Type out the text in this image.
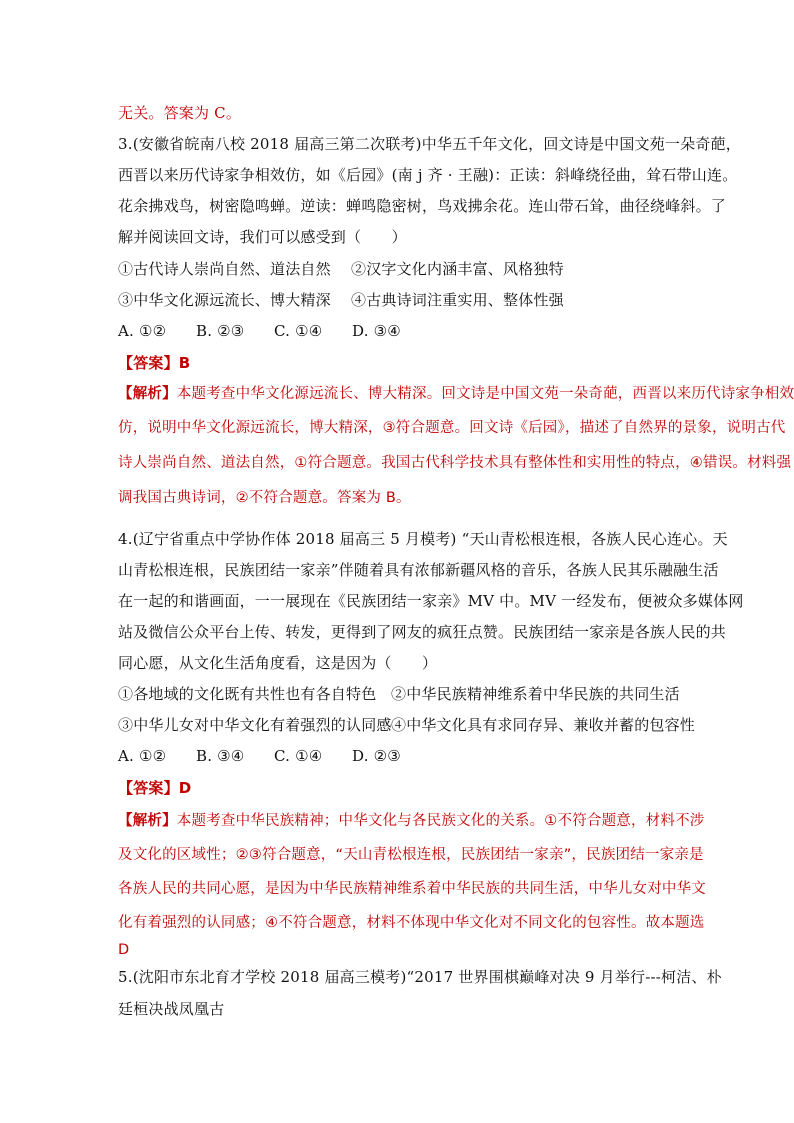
无关。答案为 C。
3.(安徽省皖南八校 2018 届高三第二次联考)中华五千年文化，回文诗是中国文苑一朵奇葩，
西晋以来历代诗家争相效仿，如《后园》(南 j 齐 · 王融)：正读：斜峰绕径曲，耸石带山连。
花余拂戏鸟，树密隐鸣蝉。逆读：蝉鸣隐密树，鸟戏拂余花。连山带石耸，曲径绕峰斜。了
解并阅读回文诗，我们可以感受到（　　）
①古代诗人崇尚自然、道法自然 ②汉字文化内涵丰富、风格独特
③中华文化源远流长、博大精深 ④古典诗词注重实用、整体性强
A. ①② B. ②③ C. ①④ D. ③④
【答案】B
【解析】本题考查中华文化源远流长、博大精深。回文诗是中国文苑一朵奇葩，西晋以来历代诗家争相效
仿，说明中华文化源远流长，博大精深，③符合题意。回文诗《后园》，描述了自然界的景象，说明古代
诗人崇尚自然、道法自然，①符合题意。我国古代科学技术具有整体性和实用性的特点，④错误。材料强
调我国古典诗词，②不符合题意。答案为 B。
4.(辽宁省重点中学协作体 2018 届高三 5 月模考) “天山青松根连根，各族人民心连心。天
山青松根连根，民族团结一家亲”伴随着具有浓郁新疆风格的音乐，各族人民其乐融融生活
在一起的和谐画面，一一展现在《民族团结一家亲》MV 中。MV 一经发布，便被众多媒体网
站及微信公众平台上传、转发，更得到了网友的疯狂点赞。民族团结一家亲是各族人民的共
同心愿，从文化生活角度看，这是因为（　　）
①各地域的文化既有共性也有各自特色 ②中华民族精神维系着中华民族的共同生活
③中华儿女对中华文化有着强烈的认同感④中华文化具有求同存异、兼收并蓄的包容性
A. ①② B. ③④ C. ①④ D. ②③
【答案】D
【解析】本题考查中华民族精神；中华文化与各民族文化的关系。①不符合题意，材料不涉
及文化的区域性；②③符合题意，“天山青松根连根，民族团结一家亲”，民族团结一家亲是
各族人民的共同心愿，是因为中华民族精神维系着中华民族的共同生活，中华儿女对中华文
化有着强烈的认同感；④不符合题意，材料不体现中华文化对不同文化的包容性。故本题选
D
5.(沈阳市东北育才学校 2018 届高三模考)“2017 世界围棋巅峰对决 9 月举行---柯洁、朴
廷桓决战凤凰古
